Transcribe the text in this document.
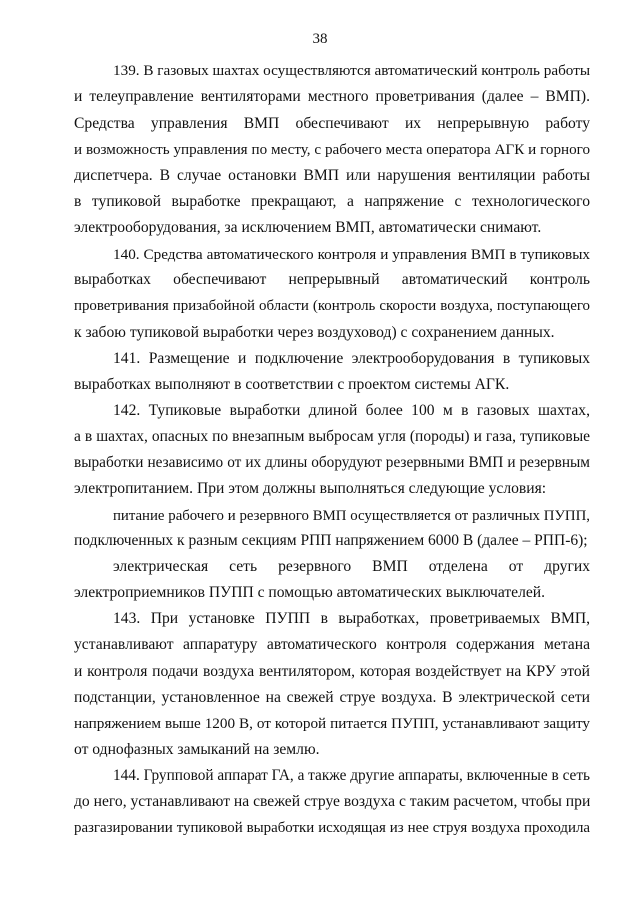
38
139. В газовых шахтах осуществляются автоматический контроль работы
и телеуправление вентиляторами местного проветривания (далее – ВМП).
Средства управления ВМП обеспечивают их непрерывную работу
и возможность управления по месту, с рабочего места оператора АГК и горного
диспетчера. В случае остановки ВМП или нарушения вентиляции работы
в тупиковой выработке прекращают, а напряжение с технологического
электрооборудования, за исключением ВМП, автоматически снимают.
140. Средства автоматического контроля и управления ВМП в тупиковых
выработках обеспечивают непрерывный автоматический контроль
проветривания призабойной области (контроль скорости воздуха, поступающего
к забою тупиковой выработки через воздуховод) с сохранением данных.
141. Размещение и подключение электрооборудования в тупиковых
выработках выполняют в соответствии с проектом системы АГК.
142. Тупиковые выработки длиной более 100 м в газовых шахтах,
а в шахтах, опасных по внезапным выбросам угля (породы) и газа, тупиковые
выработки независимо от их длины оборудуют резервными ВМП и резервным
электропитанием. При этом должны выполняться следующие условия:
питание рабочего и резервного ВМП осуществляется от различных ПУПП,
подключенных к разным секциям РПП напряжением 6000 В (далее – РПП-6);
электрическая сеть резервного ВМП отделена от других
электроприемников ПУПП с помощью автоматических выключателей.
143. При установке ПУПП в выработках, проветриваемых ВМП,
устанавливают аппаратуру автоматического контроля содержания метана
и контроля подачи воздуха вентилятором, которая воздействует на КРУ этой
подстанции, установленное на свежей струе воздуха. В электрической сети
напряжением выше 1200 В, от которой питается ПУПП, устанавливают защиту
от однофазных замыканий на землю.
144. Групповой аппарат ГА, а также другие аппараты, включенные в сеть
до него, устанавливают на свежей струе воздуха с таким расчетом, чтобы при
разгазировании тупиковой выработки исходящая из нее струя воздуха проходила
